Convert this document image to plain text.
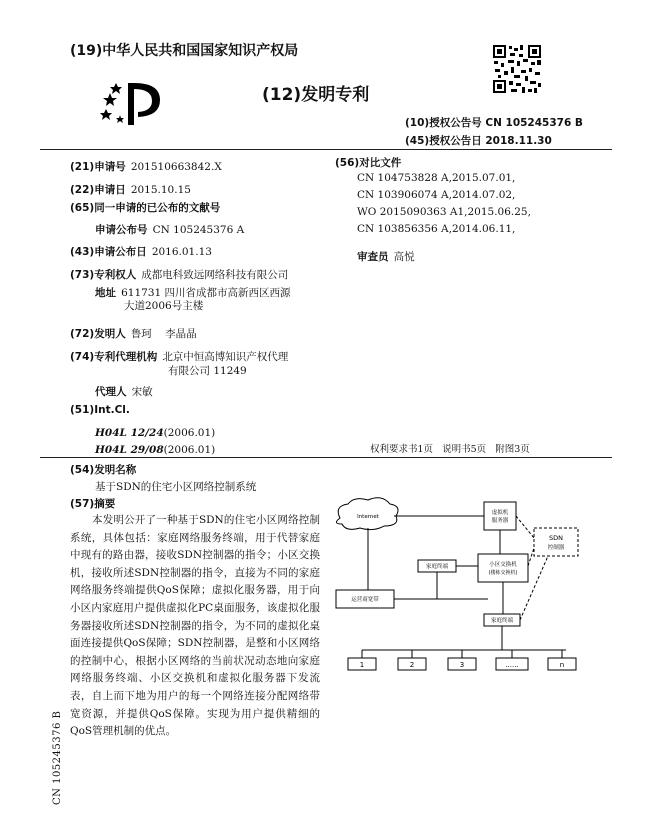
(19)中华人民共和国国家知识产权局
(12)发明专利
(10)授权公告号 CN 105245376 B
(45)授权公告日 2018.11.30
(21)申请号 201510663842.X
(22)申请日 2015.10.15
(65)同一申请的已公布的文献号
申请公布号 CN 105245376 A
(43)申请公布日 2016.01.13
(73)专利权人 成都电科致远网络科技有限公司
地址 611731 四川省成都市高新西区西源
大道2006号主楼
(72)发明人 鲁珂    李晶晶
(74)专利代理机构 北京中恒高博知识产权代理
有限公司 11249
代理人 宋敏
(51)Int.Cl.
H04L 12/24(2006.01)
H04L 29/08(2006.01)
(56)对比文件
CN 104753828 A,2015.07.01,
CN 103906074 A,2014.07.02,
WO 2015090363 A1,2015.06.25,
CN 103856356 A,2014.06.11,
审查员 高悦
权利要求书1页   说明书5页   附图3页
(54)发明名称
基于SDN的住宅小区网络控制系统
(57)摘要
本发明公开了一种基于SDN的住宅小区网络控制系统，具体包括：家庭网络服务终端，用于代替家庭中现有的路由器，接收SDN控制器的指令；小区交换机，接收所述SDN控制器的指令，直接为不同的家庭网络服务终端提供QoS保障；虚拟化服务器，用于向小区内家庭用户提供虚拟化PC桌面服务，该虚拟化服务器接收所述SDN控制器的指令，为不同的虚拟化桌面连接提供QoS保障；SDN控制器，是整和小区网络的控制中心，根据小区网络的当前状况动态地向家庭网络服务终端、小区交换机和虚拟化服务器下发流表，自上而下地为用户的每一个网络连接分配网络带宽资源，并提供QoS保障。实现为用户提供精细的QoS管理机制的优点。
Internet
虚拟机
服务器
SDN
控制器
家庭终端	小区交换机
(楼栋交换机)
运营商宽带
家庭终端
1	2	3	......	n
CN 105245376 B
